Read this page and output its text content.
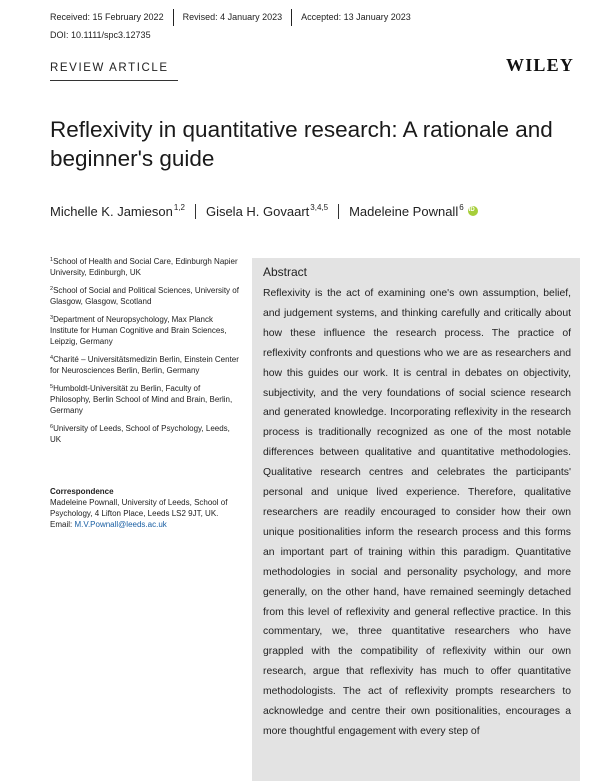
Received: 15 February 2022 Revised: 4 January 2023 Accepted: 13 January 2023
DOI: 10.1111/spc3.12735
REVIEW ARTICLE	WILEY
Reflexivity in quantitative research: A rationale and beginner's guide
Michelle K. Jamieson$^{1,2}$ Gisela H. Govaart$^{3,4,5}$ Madeleine Pownall$^6$
iD
$^1$School of Health and Social Care, Edinburgh Napier University, Edinburgh, UK
$^2$School of Social and Political Sciences, University of Glasgow, Glasgow, Scotland
$^3$Department of Neuropsychology, Max Planck Institute for Human Cognitive and Brain Sciences, Leipzig, Germany
$^4$Charité – Universitätsmedizin Berlin, Einstein Center for Neurosciences Berlin, Berlin, Germany
$^5$Humboldt-Universität zu Berlin, Faculty of Philosophy, Berlin School of Mind and Brain, Berlin, Germany
$^6$University of Leeds, School of Psychology, Leeds, UK
Correspondence
Madeleine Pownall, University of Leeds, School of Psychology, 4 Lifton Place, Leeds LS2 9JT, UK.
Email: M.V.Pownall@leeds.ac.uk
Abstract
Reflexivity is the act of examining one's own assumption, belief, and judgement systems, and thinking carefully and critically about how these influence the research process. The practice of reflexivity confronts and questions who we are as researchers and how this guides our work. It is central in debates on objectivity, subjectivity, and the very foundations of social science research and generated knowledge. Incorporating reflexivity in the research process is traditionally recognized as one of the most notable differences between qualitative and quantitative methodologies. Qualitative research centres and celebrates the participants' personal and unique lived experience. Therefore, qualitative researchers are readily encouraged to consider how their own unique positionalities inform the research process and this forms an important part of training within this paradigm. Quantitative methodologies in social and personality psychology, and more generally, on the other hand, have remained seemingly detached from this level of reflexivity and general reflective practice. In this commentary, we, three quantitative researchers who have grappled with the compatibility of reflexivity within our own research, argue that reflexivity has much to offer quantitative methodologists. The act of reflexivity prompts researchers to acknowledge and centre their own positionalities, encourages a more thoughtful engagement with every step of
